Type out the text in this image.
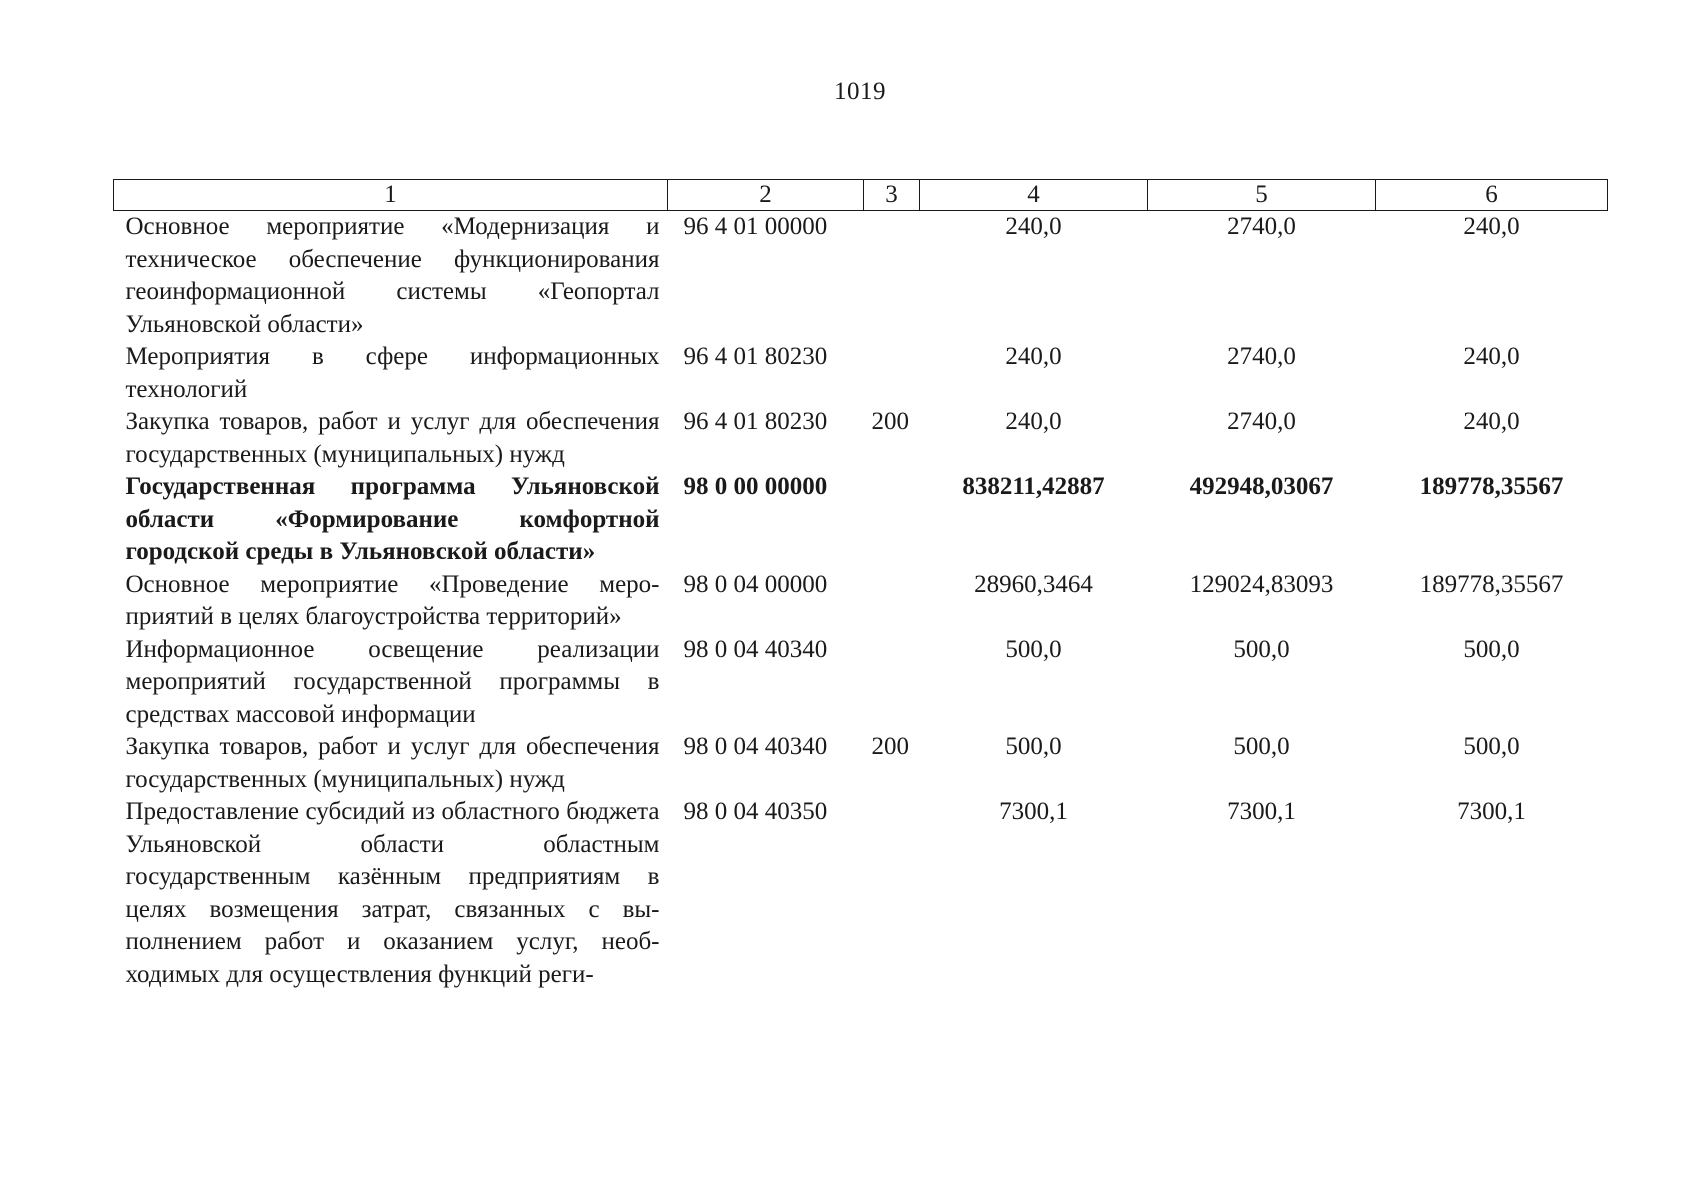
1019
1	2	3	4	5	6
Основное мероприятие «Модернизация и техническое обеспечение функционирования геоинформационной системы «Геопортал Ульяновской области»	96 4 01 00000		240,0	2740,0	240,0
Мероприятия в сфере информационных технологий	96 4 01 80230		240,0	2740,0	240,0
Закупка товаров, работ и услуг для обеспечения государственных (муниципальных) нужд	96 4 01 80230	200	240,0	2740,0	240,0
Государственная программа Ульяновской области «Формирование комфортной городской среды в Ульяновской области»	98 0 00 00000		838211,42887	492948,03067	189778,35567
Основное мероприятие «Проведение мероприятий в целях благоустройства территорий»	98 0 04 00000		28960,3464	129024,83093	189778,35567
Информационное освещение реализации мероприятий государственной программы в средствах массовой информации	98 0 04 40340		500,0	500,0	500,0
Закупка товаров, работ и услуг для обеспечения государственных (муниципальных) нужд	98 0 04 40340	200	500,0	500,0	500,0
Предоставление субсидий из областного бюджета Ульяновской области областным государственным казённым предприятиям в целях возмещения затрат, связанных с выполнением работ и оказанием услуг, необходимых для осуществления функций реги-	98 0 04 40350		7300,1	7300,1	7300,1
